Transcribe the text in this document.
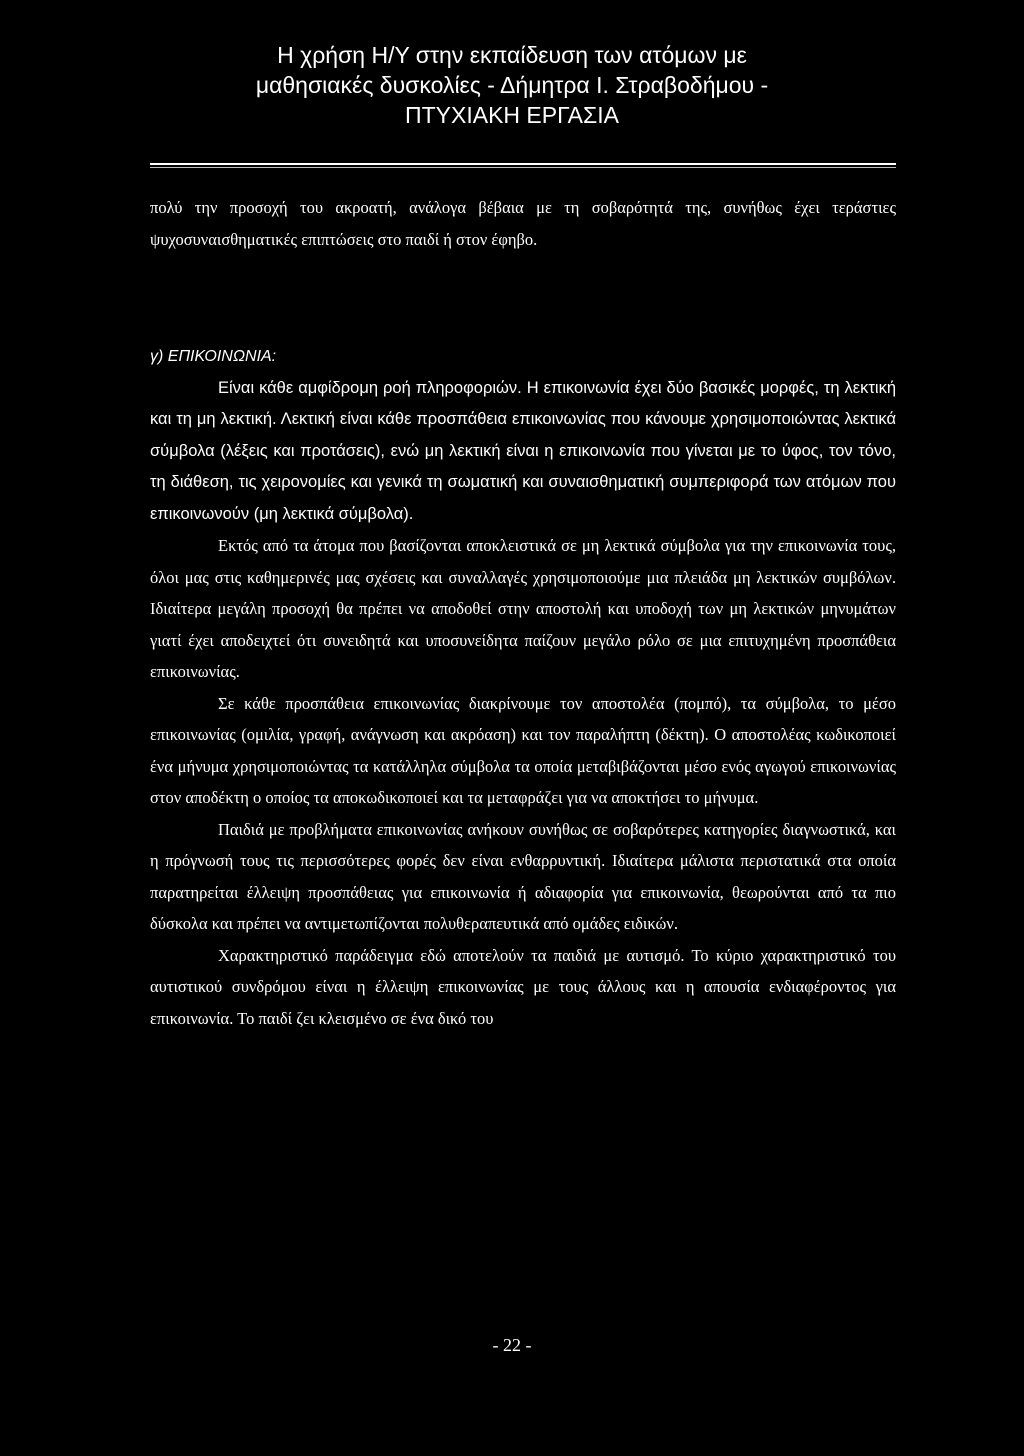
Η χρήση Η/Υ στην εκπαίδευση των ατόμων με
μαθησιακές δυσκολίες - Δήμητρα Ι. Στραβοδήμου -
ΠΤΥΧΙΑΚΗ ΕΡΓΑΣΙΑ

πολύ την προσοχή του ακροατή, ανάλογα βέβαια με τη σοβαρότητά της, συνήθως έχει τεράστιες ψυχοσυναισθηματικές επιπτώσεις στο παιδί ή στον έφηβο.

γ) ΕΠΙΚΟΙΝΩΝΙΑ:

Είναι κάθε αμφίδρομη ροή πληροφοριών. Η επικοινωνία έχει δύο βασικές μορφές, τη λεκτική και τη μη λεκτική. Λεκτική είναι κάθε προσπάθεια επικοινωνίας που κάνουμε χρησιμοποιώντας λεκτικά σύμβολα (λέξεις και προτάσεις), ενώ μη λεκτική είναι η επικοινωνία που γίνεται με το ύφος, τον τόνο, τη διάθεση, τις χειρονομίες και γενικά τη σωματική και συναισθηματική συμπεριφορά των ατόμων που επικοινωνούν (μη λεκτικά σύμβολα).

Εκτός από τα άτομα που βασίζονται αποκλειστικά σε μη λεκτικά σύμβολα για την επικοινωνία τους, όλοι μας στις καθημερινές μας σχέσεις και συναλλαγές χρησιμοποιούμε μια πλειάδα μη λεκτικών συμβόλων. Ιδιαίτερα μεγάλη προσοχή θα πρέπει να αποδοθεί στην αποστολή και υποδοχή των μη λεκτικών μηνυμάτων γιατί έχει αποδειχτεί ότι συνειδητά και υποσυνείδητα παίζουν μεγάλο ρόλο σε μια επιτυχημένη προσπάθεια επικοινωνίας.

Σε κάθε προσπάθεια επικοινωνίας διακρίνουμε τον αποστολέα (πομπό), τα σύμβολα, το μέσο επικοινωνίας (ομιλία, γραφή, ανάγνωση και ακρόαση) και τον παραλήπτη (δέκτη). Ο αποστολέας κωδικοποιεί ένα μήνυμα χρησιμοποιώντας τα κατάλληλα σύμβολα τα οποία μεταβιβάζονται μέσο ενός αγωγού επικοινωνίας στον αποδέκτη ο οποίος τα αποκωδικοποιεί και τα μεταφράζει για να αποκτήσει το μήνυμα.

Παιδιά με προβλήματα επικοινωνίας ανήκουν συνήθως σε σοβαρότερες κατηγορίες διαγνωστικά, και η πρόγνωσή τους τις περισσότερες φορές δεν είναι ενθαρρυντική. Ιδιαίτερα μάλιστα περιστατικά στα οποία παρατηρείται έλλειψη προσπάθειας για επικοινωνία ή αδιαφορία για επικοινωνία, θεωρούνται από τα πιο δύσκολα και πρέπει να αντιμετωπίζονται πολυθεραπευτικά από ομάδες ειδικών.

Χαρακτηριστικό παράδειγμα εδώ αποτελούν τα παιδιά με αυτισμό. Το κύριο χαρακτηριστικό του αυτιστικού συνδρόμου είναι η έλλειψη επικοινωνίας με τους άλλους και η απουσία ενδιαφέροντος για επικοινωνία. Το παιδί ζει κλεισμένο σε ένα δικό του

- 22 -
